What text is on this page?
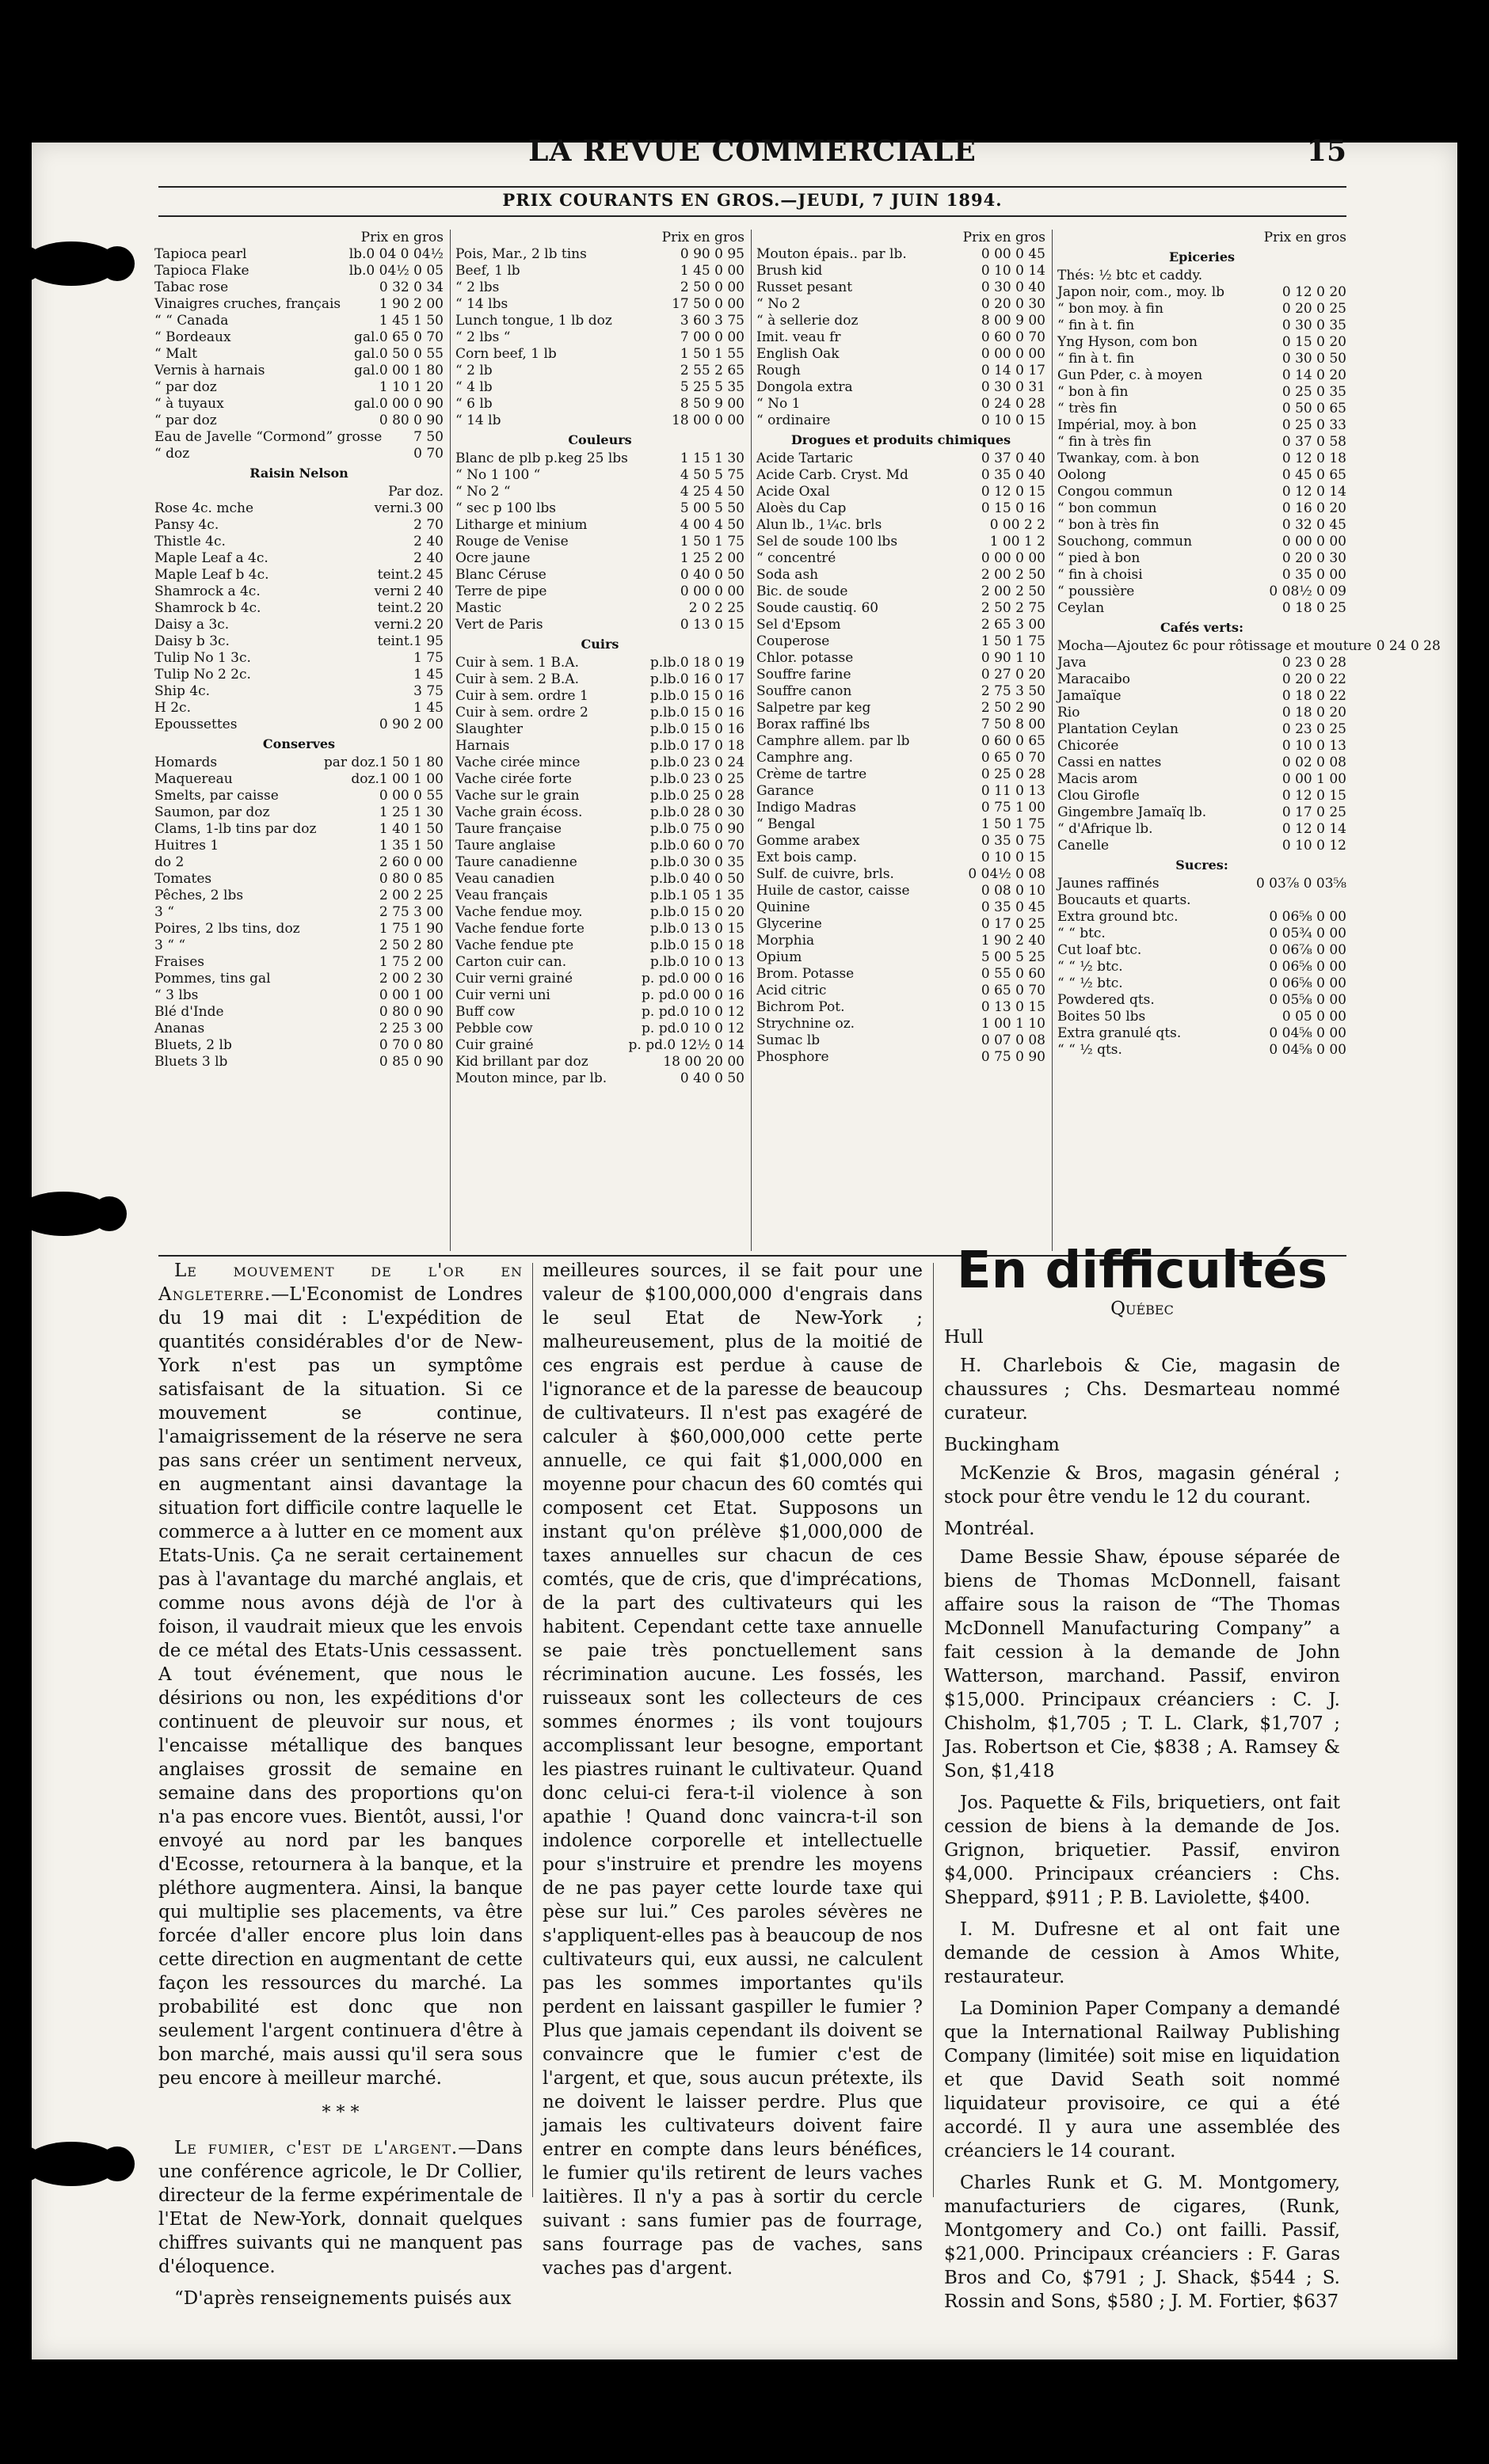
LA REVUE COMMERCIALE	15
PRIX COURANTS EN GROS.—JEUDI, 7 JUIN 1894.
Prix en gros
Tapioca pearl	lb.0 04 0 04½
Tapioca Flake	lb.0 04½ 0 05
Tabac rose	0 32 0 34
Vinaigres cruches, français	1 90 2 00
“ “ Canada	1 45 1 50
“ Bordeaux	gal.0 65 0 70
“ Malt	gal.0 50 0 55
Vernis à harnais	gal.0 00 1 80
“ par doz	1 10 1 20
“ à tuyaux	gal.0 00 0 90
“ par doz	0 80 0 90
Eau de Javelle “Cormond” grosse	7 50
“ doz	0 70
Raisin Nelson
Par doz.
Rose 4c. mche	verni.3 00
Pansy 4c.	2 70
Thistle 4c.	2 40
Maple Leaf a 4c.	2 40
Maple Leaf b 4c.	teint.2 45
Shamrock a 4c.	verni 2 40
Shamrock b 4c.	teint.2 20
Daisy a 3c.	verni.2 20
Daisy b 3c.	teint.1 95
Tulip No 1 3c.	1 75
Tulip No 2 2c.	1 45
Ship 4c.	3 75
H 2c.	1 45
Epoussettes	0 90 2 00
Conserves
Homards	par doz.1 50 1 80
Maquereau	doz.1 00 1 00
Smelts, par caisse	0 00 0 55
Saumon, par doz	1 25 1 30
Clams, 1-lb tins par doz	1 40 1 50
Huitres 1	1 35 1 50
do 2	2 60 0 00
Tomates	0 80 0 85
Pêches, 2 lbs	2 00 2 25
3 “	2 75 3 00
Poires, 2 lbs tins, doz	1 75 1 90
3 “ “	2 50 2 80
Fraises	1 75 2 00
Pommes, tins gal	2 00 2 30
“ 3 lbs	0 00 1 00
Blé d'Inde	0 80 0 90
Ananas	2 25 3 00
Bluets, 2 lb	0 70 0 80
Bluets 3 lb	0 85 0 90
Prix en gros
Pois, Mar., 2 lb tins	0 90 0 95
Beef, 1 lb	1 45 0 00
“ 2 lbs	2 50 0 00
“ 14 lbs	17 50 0 00
Lunch tongue, 1 lb doz	3 60 3 75
“ 2 lbs “	7 00 0 00
Corn beef, 1 lb	1 50 1 55
“ 2 lb	2 55 2 65
“ 4 lb	5 25 5 35
“ 6 lb	8 50 9 00
“ 14 lb	18 00 0 00
Couleurs
Blanc de plb p.keg 25 lbs	1 15 1 30
“ No 1 100 “	4 50 5 75
“ No 2 “	4 25 4 50
“ sec p 100 lbs	5 00 5 50
Litharge et minium	4 00 4 50
Rouge de Venise	1 50 1 75
Ocre jaune	1 25 2 00
Blanc Céruse	0 40 0 50
Terre de pipe	0 00 0 00
Mastic	2 0 2 25
Vert de Paris	0 13 0 15
Cuirs
Cuir à sem. 1 B.A.	p.lb.0 18 0 19
Cuir à sem. 2 B.A.	p.lb.0 16 0 17
Cuir à sem. ordre 1	p.lb.0 15 0 16
Cuir à sem. ordre 2	p.lb.0 15 0 16
Slaughter	p.lb.0 15 0 16
Harnais	p.lb.0 17 0 18
Vache cirée mince	p.lb.0 23 0 24
Vache cirée forte	p.lb.0 23 0 25
Vache sur le grain	p.lb.0 25 0 28
Vache grain écoss.	p.lb.0 28 0 30
Taure française	p.lb.0 75 0 90
Taure anglaise	p.lb.0 60 0 70
Taure canadienne	p.lb.0 30 0 35
Veau canadien	p.lb.0 40 0 50
Veau français	p.lb.1 05 1 35
Vache fendue moy.	p.lb.0 15 0 20
Vache fendue forte	p.lb.0 13 0 15
Vache fendue pte	p.lb.0 15 0 18
Carton cuir can.	p.lb.0 10 0 13
Cuir verni grainé	p. pd.0 00 0 16
Cuir verni uni	p. pd.0 00 0 16
Buff cow	p. pd.0 10 0 12
Pebble cow	p. pd.0 10 0 12
Cuir grainé	p. pd.0 12½ 0 14
Kid brillant par doz	18 00 20 00
Mouton mince, par lb.	0 40 0 50
Prix en gros
Mouton épais.. par lb.	0 00 0 45
Brush kid	0 10 0 14
Russet pesant	0 30 0 40
“ No 2	0 20 0 30
“ à sellerie doz	8 00 9 00
Imit. veau fr	0 60 0 70
English Oak	0 00 0 00
Rough	0 14 0 17
Dongola extra	0 30 0 31
“ No 1	0 24 0 28
“ ordinaire	0 10 0 15
Drogues et produits chimiques
Acide Tartaric	0 37 0 40
Acide Carb. Cryst. Md	0 35 0 40
Acide Oxal	0 12 0 15
Aloès du Cap	0 15 0 16
Alun lb., 1¼c. brls	0 00 2 2
Sel de soude 100 lbs	1 00 1 2
“ concentré	0 00 0 00
Soda ash	2 00 2 50
Bic. de soude	2 00 2 50
Soude caustiq. 60	2 50 2 75
Sel d'Epsom	2 65 3 00
Couperose	1 50 1 75
Chlor. potasse	0 90 1 10
Souffre farine	0 27 0 20
Souffre canon	2 75 3 50
Salpetre par keg	2 50 2 90
Borax raffiné lbs	7 50 8 00
Camphre allem. par lb	0 60 0 65
Camphre ang.	0 65 0 70
Crème de tartre	0 25 0 28
Garance	0 11 0 13
Indigo Madras	0 75 1 00
“ Bengal	1 50 1 75
Gomme arabex	0 35 0 75
Ext bois camp.	0 10 0 15
Sulf. de cuivre, brls.	0 04½ 0 08
Huile de castor, caisse	0 08 0 10
Quinine	0 35 0 45
Glycerine	0 17 0 25
Morphia	1 90 2 40
Opium	5 00 5 25
Brom. Potasse	0 55 0 60
Acid citric	0 65 0 70
Bichrom Pot.	0 13 0 15
Strychnine oz.	1 00 1 10
Sumac lb	0 07 0 08
Phosphore	0 75 0 90
Prix en gros
Epiceries
Thés: ½ btc et caddy.
Japon noir, com., moy. lb	0 12 0 20
“ bon moy. à fin	0 20 0 25
“ fin à t. fin	0 30 0 35
Yng Hyson, com bon	0 15 0 20
“ fin à t. fin	0 30 0 50
Gun Pder, c. à moyen	0 14 0 20
“ bon à fin	0 25 0 35
“ très fin	0 50 0 65
Impérial, moy. à bon	0 25 0 33
“ fin à très fin	0 37 0 58
Twankay, com. à bon	0 12 0 18
Oolong	0 45 0 65
Congou commun	0 12 0 14
“ bon commun	0 16 0 20
“ bon à très fin	0 32 0 45
Souchong, commun	0 00 0 00
“ pied à bon	0 20 0 30
“ fin à choisi	0 35 0 00
“ poussière	0 08½ 0 09
Ceylan	0 18 0 25
Cafés verts:
Mocha—Ajoutez 6c pour rôtissage et mouture 0 24 0 28
Java	0 23 0 28
Maracaibo	0 20 0 22
Jamaïque	0 18 0 22
Rio	0 18 0 20
Plantation Ceylan	0 23 0 25
Chicorée	0 10 0 13
Cassi en nattes	0 02 0 08
Macis arom	0 00 1 00
Clou Girofle	0 12 0 15
Gingembre Jamaïq lb.	0 17 0 25
“ d'Afrique lb.	0 12 0 14
Canelle	0 10 0 12
Sucres:
Jaunes raffinés	0 03⅞ 0 03⅝
Boucauts et quarts.
Extra ground btc.	0 06⅝ 0 00
“ “ btc.	0 05¾ 0 00
Cut loaf btc.	0 06⅞ 0 00
“ “ ½ btc.	0 06⅝ 0 00
“ “ ½ btc.	0 06⅝ 0 00
Powdered qts.	0 05⅝ 0 00
Boites 50 lbs	0 05 0 00
Extra granulé qts.	0 04⅝ 0 00
“ “ ½ qts.	0 04⅝ 0 00

Le mouvement de l'or en Angleterre.—L'Economist de Londres du 19 mai dit : L'expédition de quantités considérables d'or de New-York n'est pas un symptôme satisfaisant de la situation. Si ce mouvement se continue, l'amaigrissement de la réserve ne sera pas sans créer un sentiment nerveux, en augmentant ainsi davantage la situation fort difficile contre laquelle le commerce a à lutter en ce moment aux Etats-Unis. Ça ne serait certainement pas à l'avantage du marché anglais, et comme nous avons déjà de l'or à foison, il vaudrait mieux que les envois de ce métal des Etats-Unis cessassent. A tout événement, que nous le désirions ou non, les expéditions d'or continuent de pleuvoir sur nous, et l'encaisse métallique des banques anglaises grossit de semaine en semaine dans des proportions qu'on n'a pas encore vues. Bientôt, aussi, l'or envoyé au nord par les banques d'Ecosse, retournera à la banque, et la pléthore augmentera. Ainsi, la banque qui multiplie ses placements, va être forcée d'aller encore plus loin dans cette direction en augmentant de cette façon les ressources du marché. La probabilité est donc que non seulement l'argent continuera d'être à bon marché, mais aussi qu'il sera sous peu encore à meilleur marché.

* * *

Le fumier, c'est de l'argent.—Dans une conférence agricole, le Dr Collier, directeur de la ferme expérimentale de l'Etat de New-York, donnait quelques chiffres suivants qui ne manquent pas d'éloquence.

“D'après renseignements puisés aux

meilleures sources, il se fait pour une valeur de $100,000,000 d'engrais dans le seul Etat de New-York ; malheureusement, plus de la moitié de ces engrais est perdue à cause de l'ignorance et de la paresse de beaucoup de cultivateurs. Il n'est pas exagéré de calculer à $60,000,000 cette perte annuelle, ce qui fait $1,000,000 en moyenne pour chacun des 60 comtés qui composent cet Etat. Supposons un instant qu'on prélève $1,000,000 de taxes annuelles sur chacun de ces comtés, que de cris, que d'imprécations, de la part des cultivateurs qui les habitent. Cependant cette taxe annuelle se paie très ponctuellement sans récrimination aucune. Les fossés, les ruisseaux sont les collecteurs de ces sommes énormes ; ils vont toujours accomplissant leur besogne, emportant les piastres ruinant le cultivateur. Quand donc celui-ci fera-t-il violence à son apathie ! Quand donc vaincra-t-il son indolence corporelle et intellectuelle pour s'instruire et prendre les moyens de ne pas payer cette lourde taxe qui pèse sur lui.” Ces paroles sévères ne s'appliquent-elles pas à beaucoup de nos cultivateurs qui, eux aussi, ne calculent pas les sommes importantes qu'ils perdent en laissant gaspiller le fumier ? Plus que jamais cependant ils doivent se convaincre que le fumier c'est de l'argent, et que, sous aucun prétexte, ils ne doivent le laisser perdre. Plus que jamais les cultivateurs doivent faire entrer en compte dans leurs bénéfices, le fumier qu'ils retirent de leurs vaches laitières. Il n'y a pas à sortir du cercle suivant : sans fumier pas de fourrage, sans fourrage pas de vaches, sans vaches pas d'argent.

En difficultés
Québec
Hull

H. Charlebois & Cie, magasin de chaussures ; Chs. Desmarteau nommé curateur.

Buckingham

McKenzie & Bros, magasin général ; stock pour être vendu le 12 du courant.

Montréal.

Dame Bessie Shaw, épouse séparée de biens de Thomas McDonnell, faisant affaire sous la raison de “The Thomas McDonnell Manufacturing Company” a fait cession à la demande de John Watterson, marchand. Passif, environ $15,000. Principaux créanciers : C. J. Chisholm, $1,705 ; T. L. Clark, $1,707 ; Jas. Robertson et Cie, $838 ; A. Ramsey & Son, $1,418

Jos. Paquette & Fils, briquetiers, ont fait cession de biens à la demande de Jos. Grignon, briquetier. Passif, environ $4,000. Principaux créanciers : Chs. Sheppard, $911 ; P. B. Laviolette, $400.

I. M. Dufresne et al ont fait une demande de cession à Amos White, restaurateur.

La Dominion Paper Company a demandé que la International Railway Publishing Company (limitée) soit mise en liquidation et que David Seath soit nommé liquidateur provisoire, ce qui a été accordé. Il y aura une assemblée des créanciers le 14 courant.

Charles Runk et G. M. Montgomery, manufacturiers de cigares, (Runk, Montgomery and Co.) ont failli. Passif, $21,000. Principaux créanciers : F. Garas Bros and Co, $791 ; J. Shack, $544 ; S. Rossin and Sons, $580 ; J. M. Fortier, $637
